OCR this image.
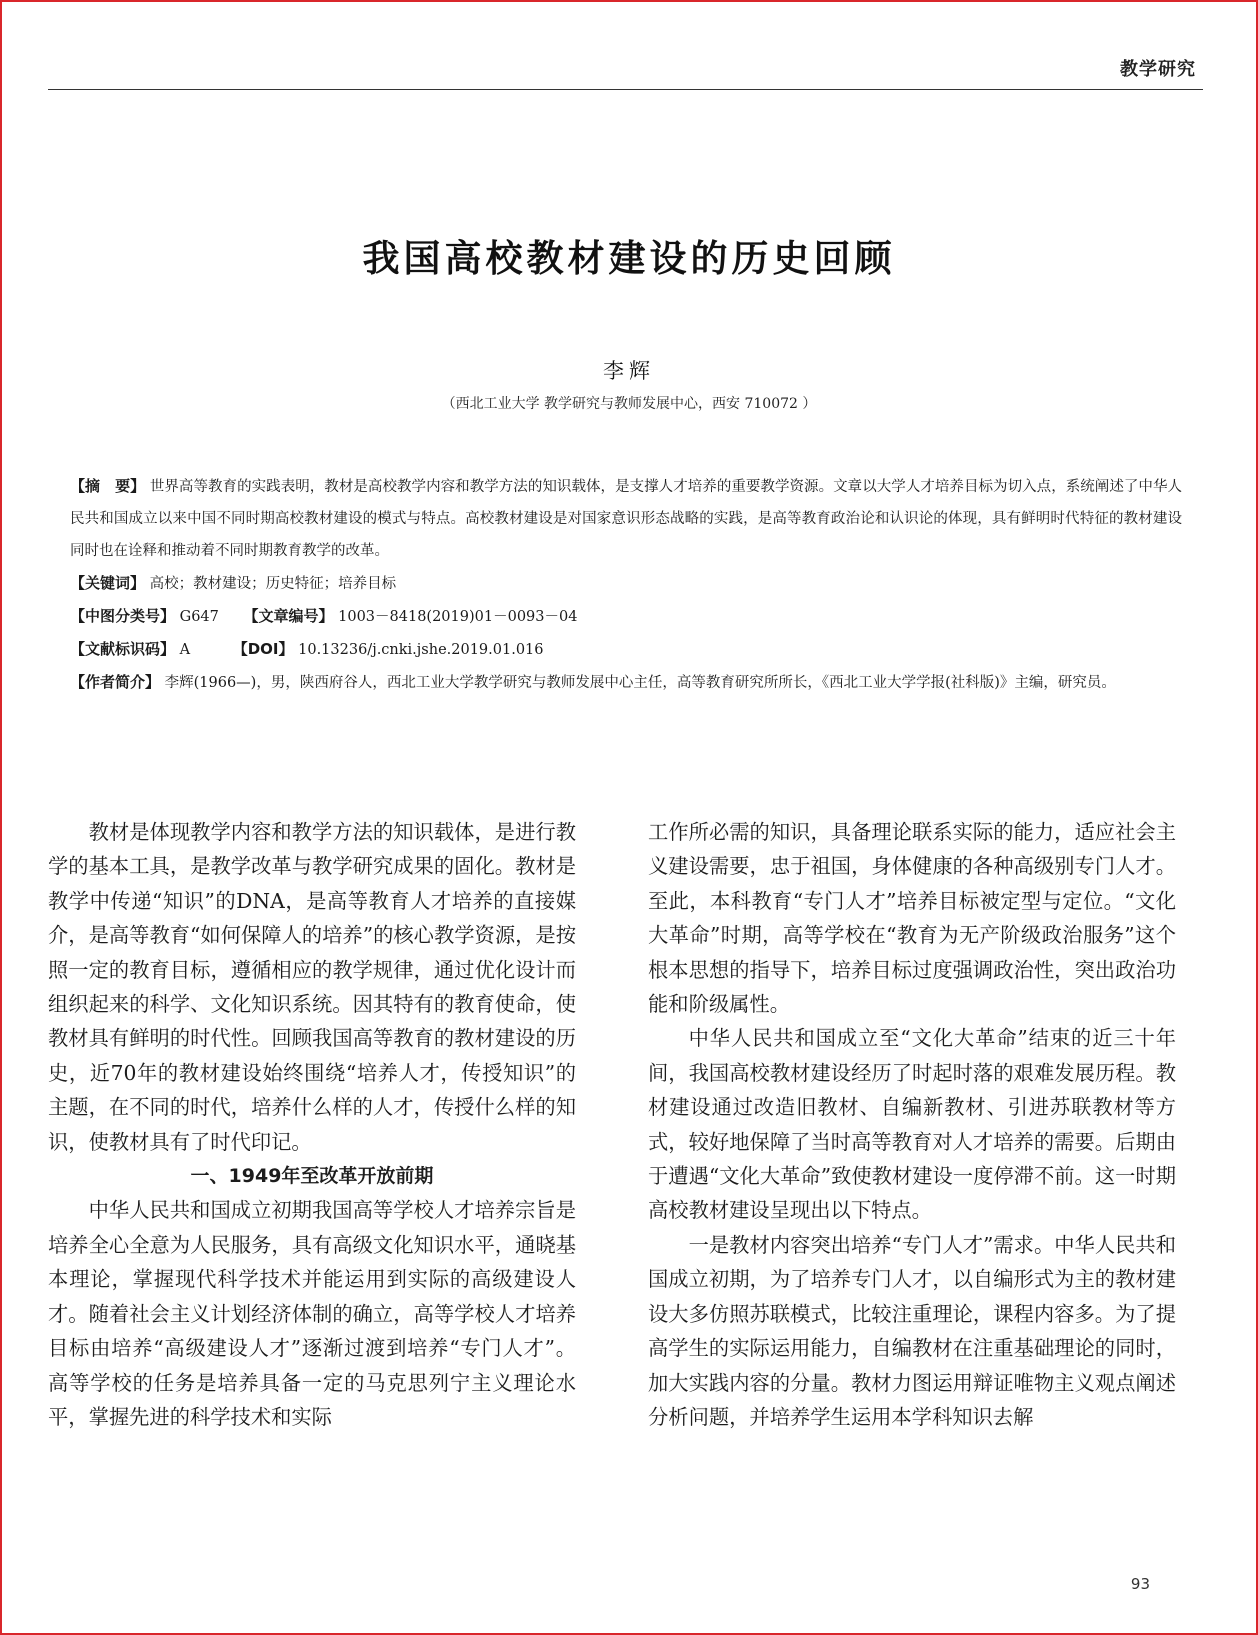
教学研究
我国高校教材建设的历史回顾
李辉
（西北工业大学 教学研究与教师发展中心，西安 710072 ）

【摘　要】 世界高等教育的实践表明，教材是高校教学内容和教学方法的知识载体，是支撑人才培养的重要教学资源。文章以大学人才培养目标为切入点，系统阐述了中华人民共和国成立以来中国不同时期高校教材建设的模式与特点。高校教材建设是对国家意识形态战略的实践，是高等教育政治论和认识论的体现，具有鲜明时代特征的教材建设同时也在诠释和推动着不同时期教育教学的改革。

【关键词】 高校；教材建设；历史特征；培养目标

【中图分类号】 G647 【文章编号】 1003－8418(2019)01－0093－04

【文献标识码】 A	【DOI】 10.13236/j.cnki.jshe.2019.01.016

【作者简介】 李辉(1966—)，男，陕西府谷人，西北工业大学教学研究与教师发展中心主任，高等教育研究所所长，《西北工业大学学报(社科版)》主编，研究员。

教材是体现教学内容和教学方法的知识载体，是进行教学的基本工具，是教学改革与教学研究成果的固化。教材是教学中传递“知识”的DNA，是高等教育人才培养的直接媒介，是高等教育“如何保障人的培养”的核心教学资源，是按照一定的教育目标，遵循相应的教学规律，通过优化设计而组织起来的科学、文化知识系统。因其特有的教育使命，使教材具有鲜明的时代性。回顾我国高等教育的教材建设的历史，近70年的教材建设始终围绕“培养人才，传授知识”的主题，在不同的时代，培养什么样的人才，传授什么样的知识，使教材具有了时代印记。

一、1949年至改革开放前期

中华人民共和国成立初期我国高等学校人才培养宗旨是培养全心全意为人民服务，具有高级文化知识水平，通晓基本理论，掌握现代科学技术并能运用到实际的高级建设人才。随着社会主义计划经济体制的确立，高等学校人才培养目标由培养“高级建设人才”逐渐过渡到培养“专门人才”。高等学校的任务是培养具备一定的马克思列宁主义理论水平，掌握先进的科学技术和实际

工作所必需的知识，具备理论联系实际的能力，适应社会主义建设需要，忠于祖国，身体健康的各种高级别专门人才。至此，本科教育“专门人才”培养目标被定型与定位。“文化大革命”时期，高等学校在“教育为无产阶级政治服务”这个根本思想的指导下，培养目标过度强调政治性，突出政治功能和阶级属性。

中华人民共和国成立至“文化大革命”结束的近三十年间，我国高校教材建设经历了时起时落的艰难发展历程。教材建设通过改造旧教材、自编新教材、引进苏联教材等方式，较好地保障了当时高等教育对人才培养的需要。后期由于遭遇“文化大革命”致使教材建设一度停滞不前。这一时期高校教材建设呈现出以下特点。

一是教材内容突出培养“专门人才”需求。中华人民共和国成立初期，为了培养专门人才，以自编形式为主的教材建设大多仿照苏联模式，比较注重理论，课程内容多。为了提高学生的实际运用能力，自编教材在注重基础理论的同时，加大实践内容的分量。教材力图运用辩证唯物主义观点阐述分析问题，并培养学生运用本学科知识去解

93
